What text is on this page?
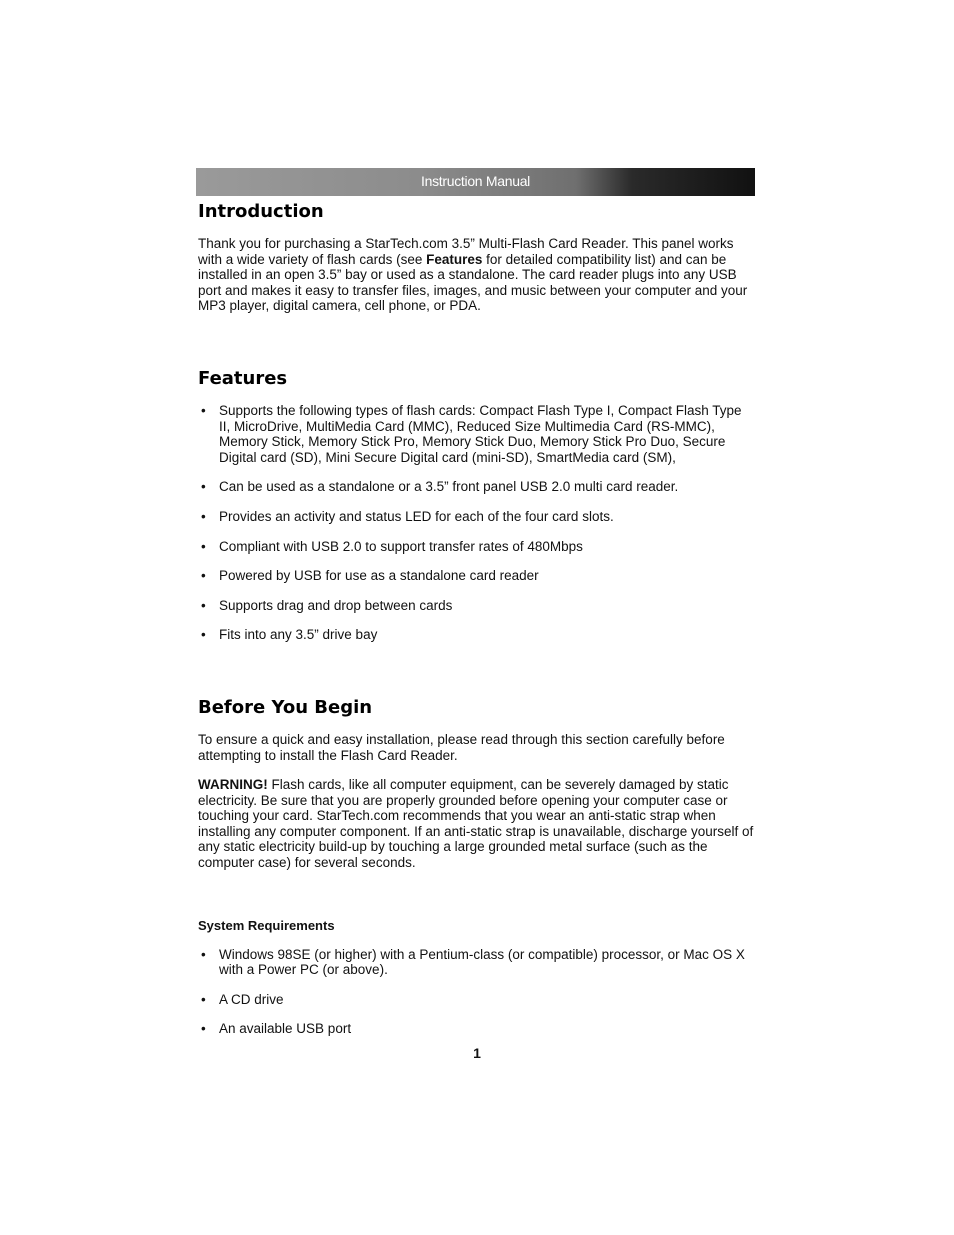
Instruction Manual
Introduction

Thank you for purchasing a StarTech.com 3.5” Multi-Flash Card Reader. This panel works with a wide variety of flash cards (see Features for detailed compatibility list) and can be installed in an open 3.5” bay or used as a standalone. The card reader plugs into any USB port and makes it easy to transfer files, images, and music between your computer and your MP3 player, digital camera, cell phone, or PDA.

Features
• Supports the following types of flash cards: Compact Flash Type I, Compact Flash Type II, MicroDrive, MultiMedia Card (MMC), Reduced Size Multimedia Card (RS-MMC), Memory Stick, Memory Stick Pro, Memory Stick Duo, Memory Stick Pro Duo, Secure Digital card (SD), Mini Secure Digital card (mini-SD), SmartMedia card (SM),
• Can be used as a standalone or a 3.5” front panel USB 2.0 multi card reader.
• Provides an activity and status LED for each of the four card slots.
• Compliant with USB 2.0 to support transfer rates of 480Mbps
• Powered by USB for use as a standalone card reader
• Supports drag and drop between cards
• Fits into any 3.5” drive bay
Before You Begin

To ensure a quick and easy installation, please read through this section carefully before attempting to install the Flash Card Reader.

WARNING! Flash cards, like all computer equipment, can be severely damaged by static electricity. Be sure that you are properly grounded before opening your computer case or touching your card. StarTech.com recommends that you wear an anti-static strap when installing any computer component. If an anti-static strap is unavailable, discharge yourself of any static electricity build-up by touching a large grounded metal surface (such as the computer case) for several seconds.

System Requirements
• Windows 98SE (or higher) with a Pentium-class (or compatible) processor, or Mac OS X with a Power PC (or above).
• A CD drive
• An available USB port
1
